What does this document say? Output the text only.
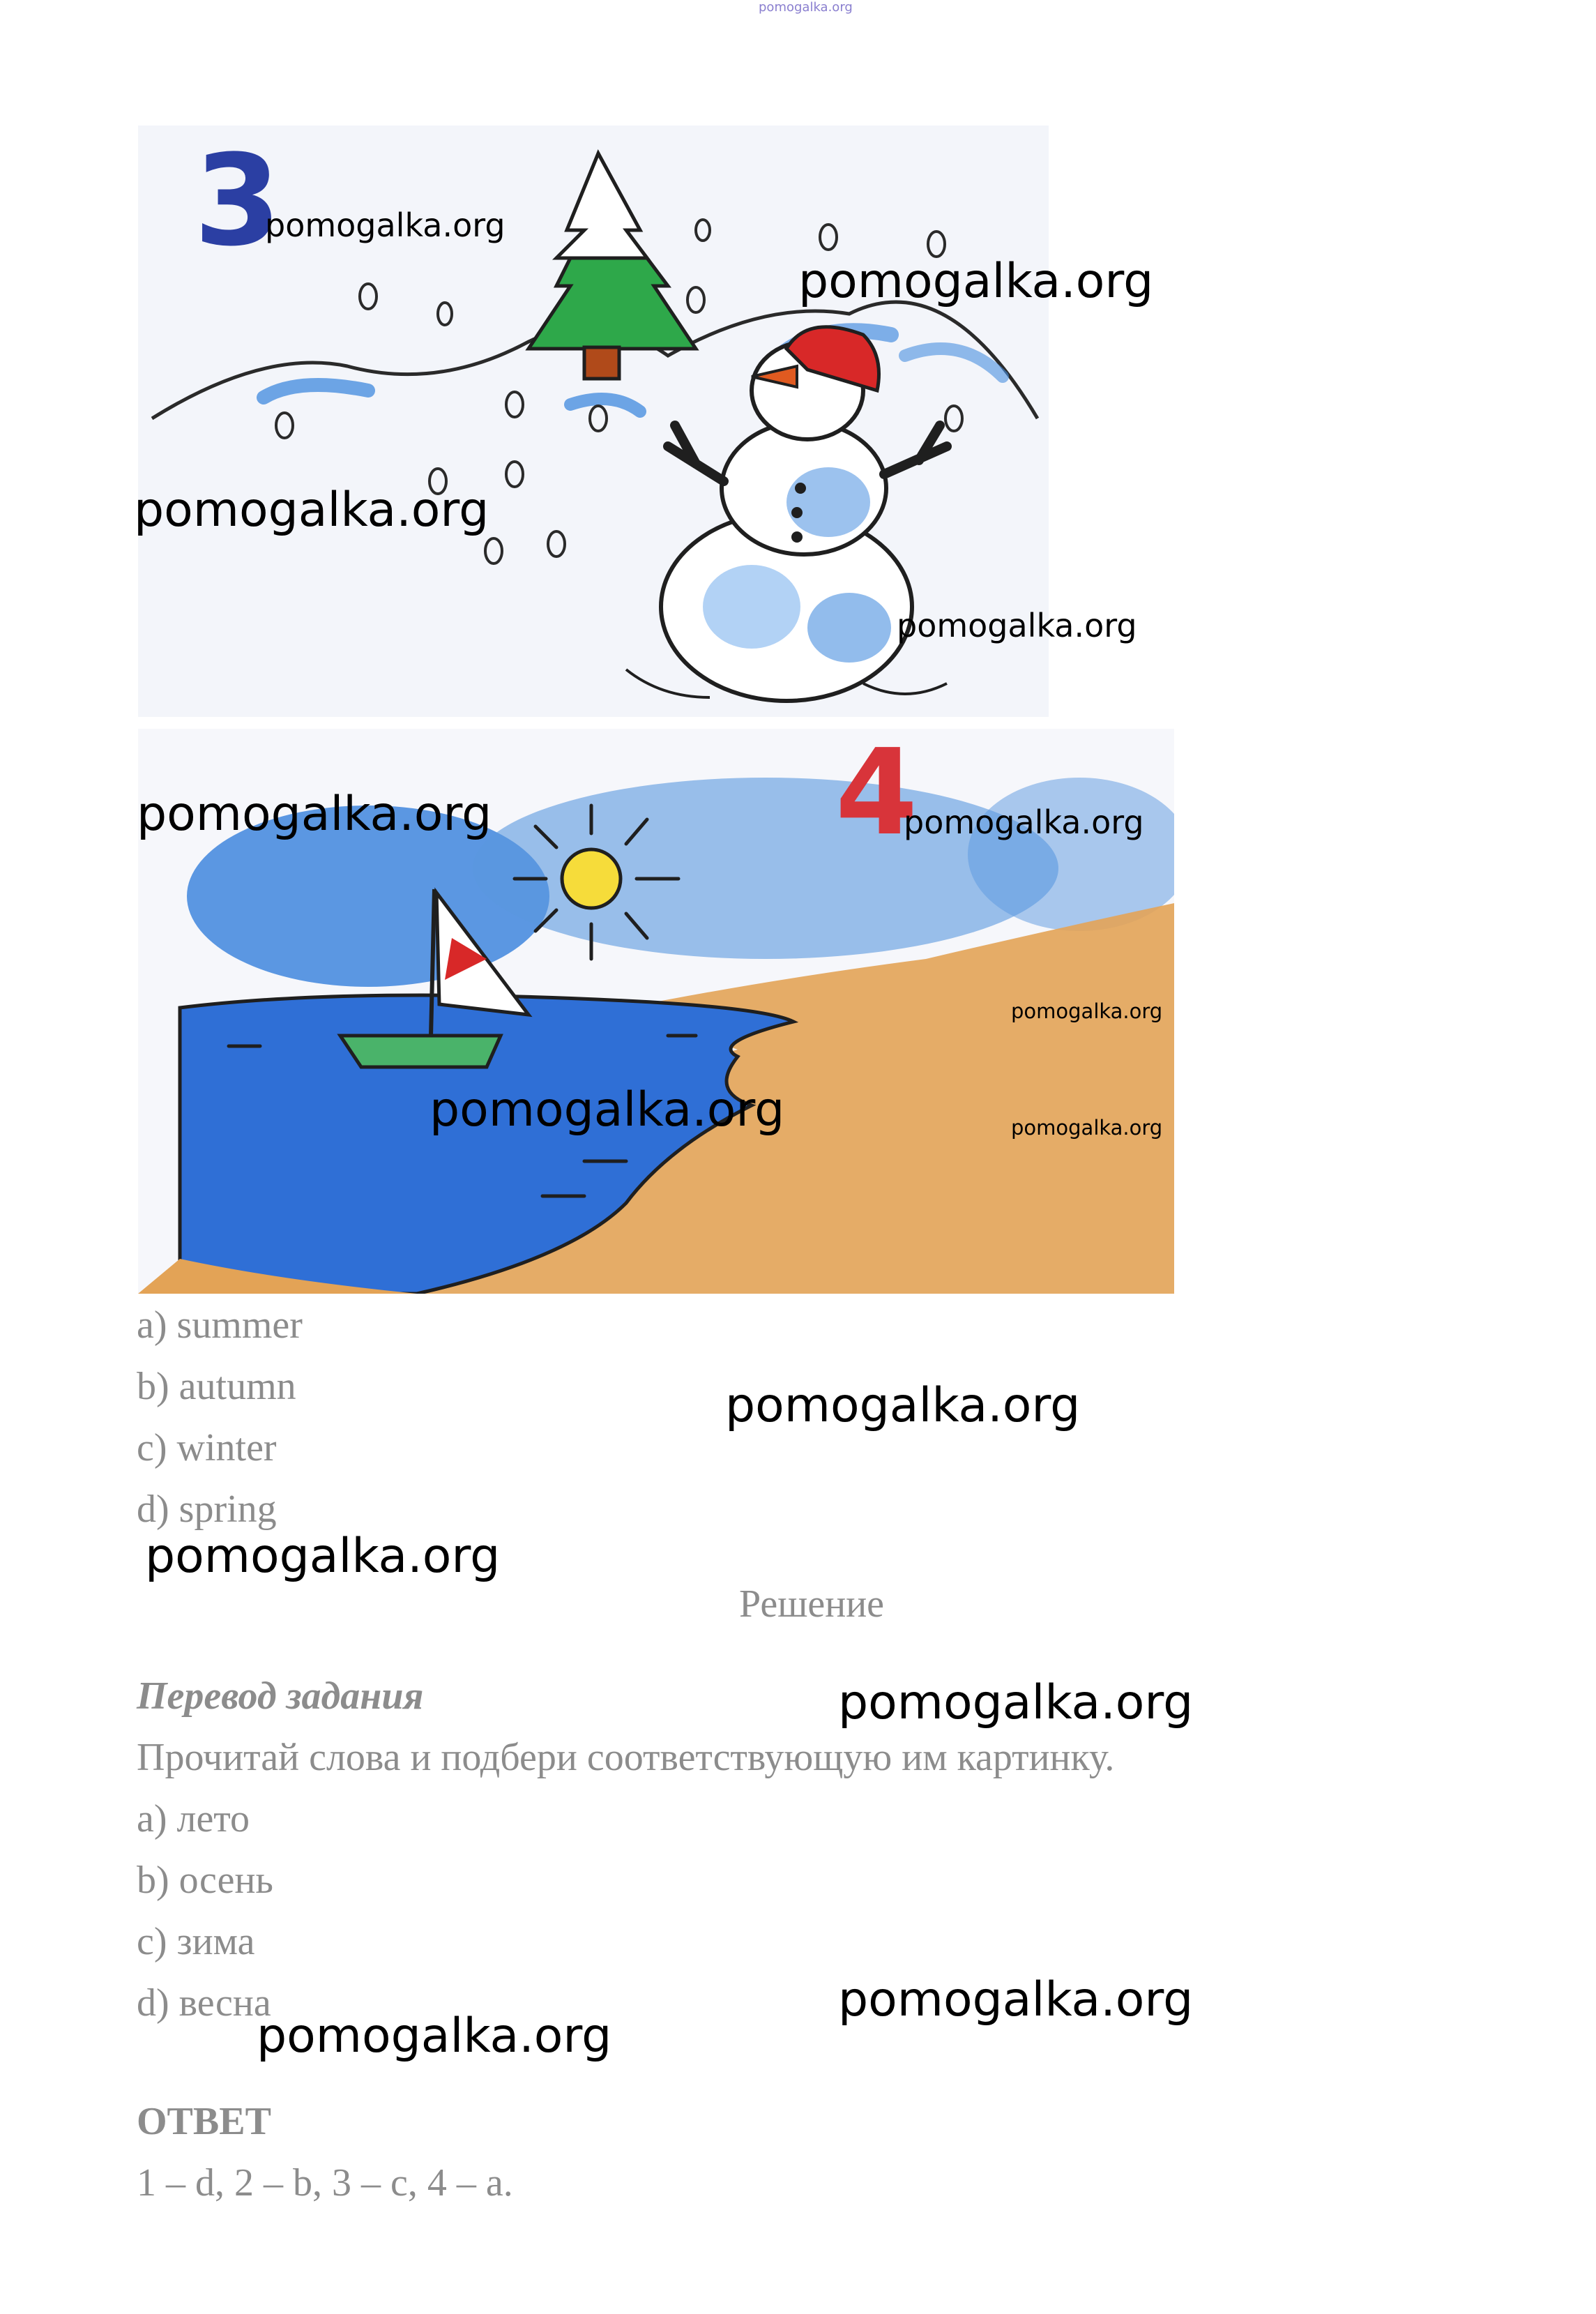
pomogalka.org
3
4
pomogalka.org
pomogalka.org
pomogalka.org
pomogalka.org
pomogalka.org	pomogalka.org
pomogalka.org
pomogalka.org	pomogalka.org
pomogalka.org
pomogalka.org
pomogalka.org
pomogalka.org
pomogalka.org
a) summer
b) autumn
c) winter
d) spring
Решение
Перевод задания
Прочитай слова и подбери соответствующую им картинку.
a) лето
b) осень
c) зима
d) весна
ОТВЕТ
1 – d, 2 – b, 3 – c, 4 – a.
